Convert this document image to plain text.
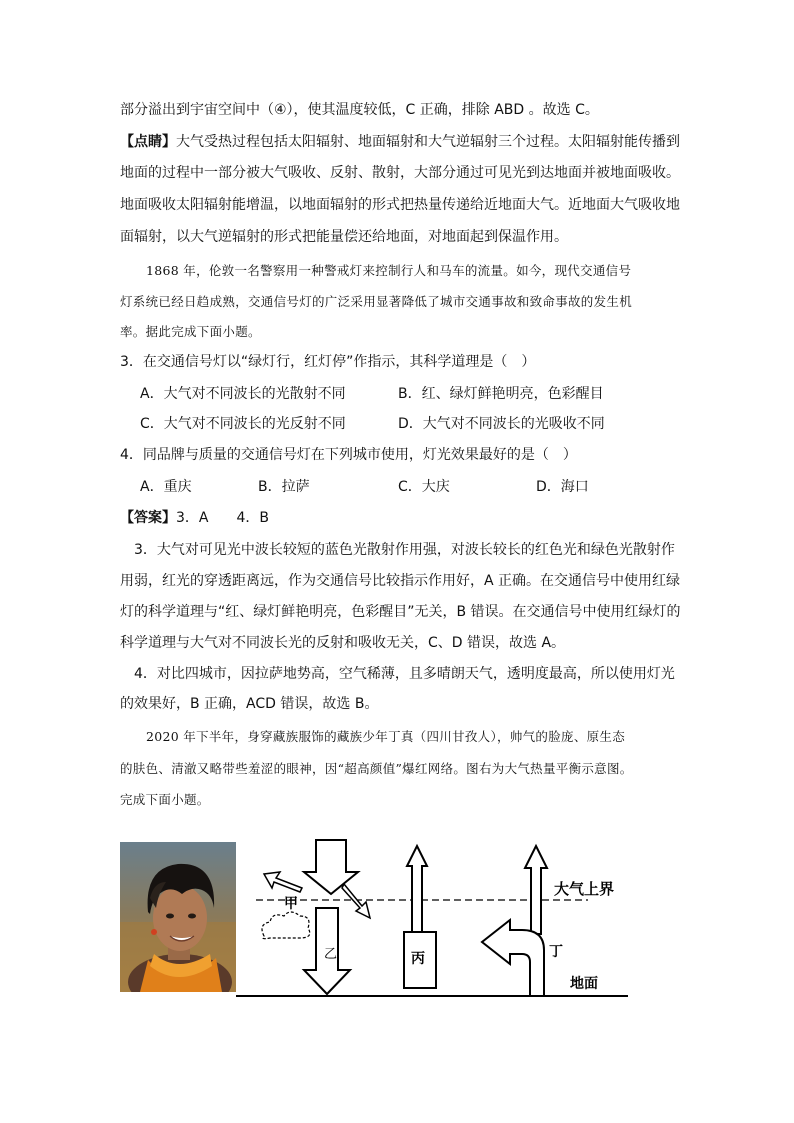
部分溢出到宇宙空间中（④），使其温度较低，C 正确，排除 ABD 。故选 C。
【点睛】大气受热过程包括太阳辐射、地面辐射和大气逆辐射三个过程。太阳辐射能传播到
地面的过程中一部分被大气吸收、反射、散射，大部分通过可见光到达地面并被地面吸收。
地面吸收太阳辐射能增温，以地面辐射的形式把热量传递给近地面大气。近地面大气吸收地
面辐射，以大气逆辐射的形式把能量偿还给地面，对地面起到保温作用。
1868 年，伦敦一名警察用一种警戒灯来控制行人和马车的流量。如今，现代交通信号
灯系统已经日趋成熟，交通信号灯的广泛采用显著降低了城市交通事故和致命事故的发生机
率。据此完成下面小题。
3．在交通信号灯以“绿灯行，红灯停”作指示，其科学道理是（　）
A．大气对不同波长的光散射不同	B．红、绿灯鲜艳明亮，色彩醒目
C．大气对不同波长的光反射不同	D．大气对不同波长的光吸收不同
4．同品牌与质量的交通信号灯在下列城市使用，灯光效果最好的是（　）
A．重庆	B．拉萨	C．大庆	D．海口
【答案】3．A　　4．B
3．大气对可见光中波长较短的蓝色光散射作用强，对波长较长的红色光和绿色光散射作
用弱，红光的穿透距离远，作为交通信号比较指示作用好，A 正确。在交通信号中使用红绿
灯的科学道理与“红、绿灯鲜艳明亮，色彩醒目”无关，B 错误。在交通信号中使用红绿灯的
科学道理与大气对不同波长光的反射和吸收无关，C、D 错误，故选 A。
4．对比四城市，因拉萨地势高，空气稀薄，且多晴朗天气，透明度最高，所以使用灯光
的效果好，B 正确，ACD 错误，故选 B。
2020 年下半年，身穿藏族服饰的藏族少年丁真（四川甘孜人），帅气的脸庞、原生态
的肤色、清澈又略带些羞涩的眼神，因“超高颜值”爆红网络。图右为大气热量平衡示意图。
完成下面小题。
甲
乙	丙	丁
大气上界
地面
